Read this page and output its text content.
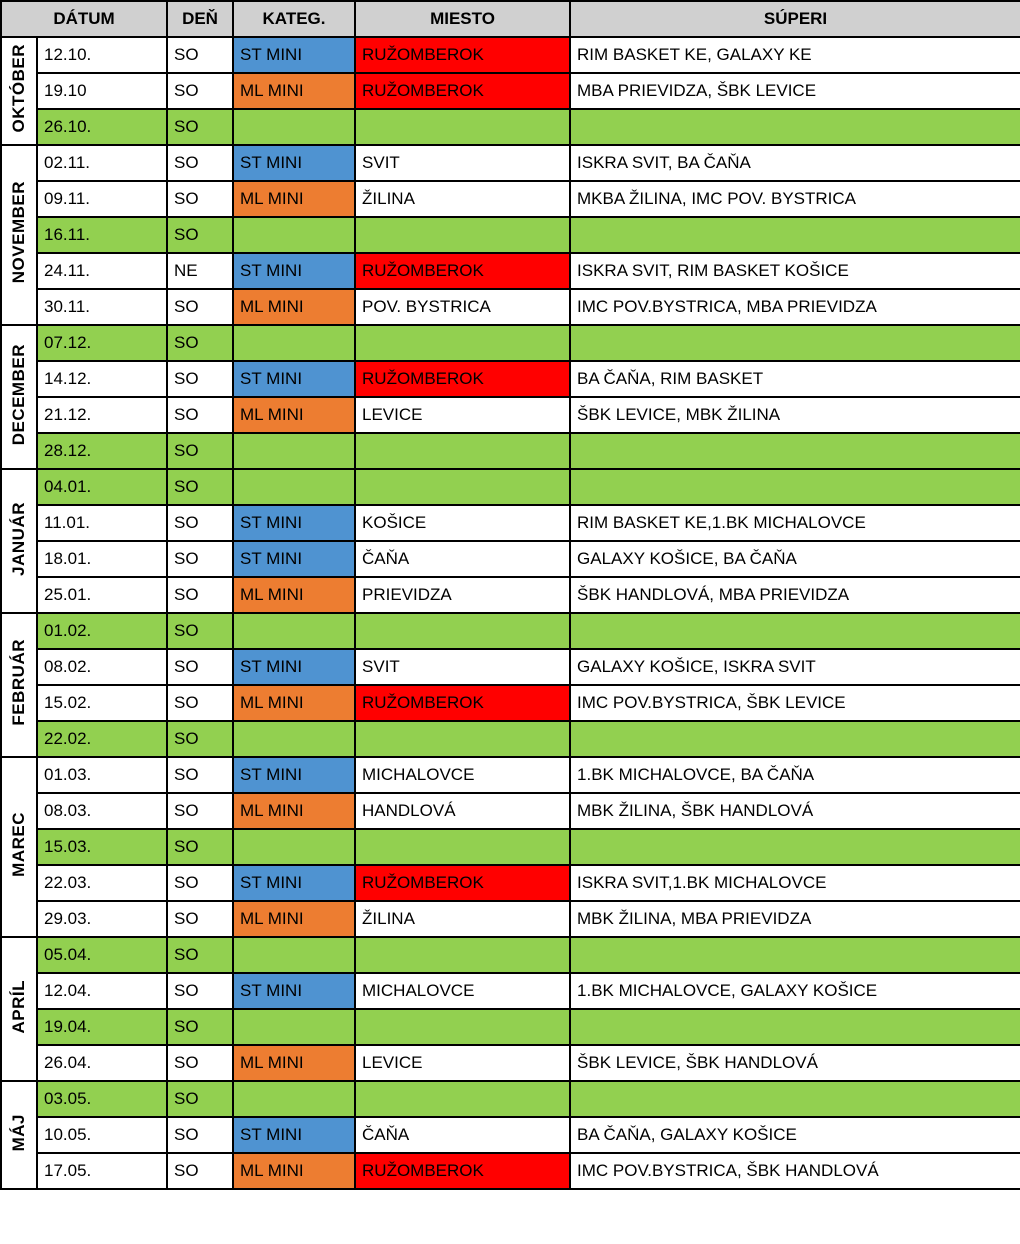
DÁTUM		DEŇ	KATEG.	MIESTO	SÚPERI
OKTÓBER	12.10.	SO	ST MINI	RUŽOMBEROK	RIM BASKET KE, GALAXY KE
	19.10	SO	ML MINI	RUŽOMBEROK	MBA PRIEVIDZA, ŠBK LEVICE
	26.10.	SO			
NOVEMBER	02.11.	SO	ST MINI	SVIT	ISKRA SVIT, BA ČAŇA
	09.11.	SO	ML MINI	ŽILINA	MKBA ŽILINA, IMC POV. BYSTRICA
	16.11.	SO			
	24.11.	NE	ST MINI	RUŽOMBEROK	ISKRA SVIT, RIM BASKET KOŠICE
	30.11.	SO	ML MINI	POV. BYSTRICA	IMC POV.BYSTRICA, MBA PRIEVIDZA
DECEMBER	07.12.	SO			
	14.12.	SO	ST MINI	RUŽOMBEROK	BA ČAŇA, RIM BASKET
	21.12.	SO	ML MINI	LEVICE	ŠBK LEVICE, MBK ŽILINA
	28.12.	SO			
JANUÁR	04.01.	SO			
	11.01.	SO	ST MINI	KOŠICE	RIM BASKET KE,1.BK MICHALOVCE
	18.01.	SO	ST MINI	ČAŇA	GALAXY KOŠICE, BA ČAŇA
	25.01.	SO	ML MINI	PRIEVIDZA	ŠBK HANDLOVÁ, MBA PRIEVIDZA
FEBRUÁR	01.02.	SO			
	08.02.	SO	ST MINI	SVIT	GALAXY KOŠICE, ISKRA SVIT
	15.02.	SO	ML MINI	RUŽOMBEROK	IMC POV.BYSTRICA, ŠBK LEVICE
	22.02.	SO			
MAREC	01.03.	SO	ST MINI	MICHALOVCE	1.BK MICHALOVCE, BA ČAŇA
	08.03.	SO	ML MINI	HANDLOVÁ	MBK ŽILINA, ŠBK HANDLOVÁ
	15.03.	SO			
	22.03.	SO	ST MINI	RUŽOMBEROK	ISKRA SVIT,1.BK MICHALOVCE
	29.03.	SO	ML MINI	ŽILINA	MBK ŽILINA, MBA PRIEVIDZA
APRÍL	05.04.	SO			
	12.04.	SO	ST MINI	MICHALOVCE	1.BK MICHALOVCE, GALAXY KOŠICE
	19.04.	SO			
	26.04.	SO	ML MINI	LEVICE	ŠBK LEVICE, ŠBK HANDLOVÁ
MÁJ	03.05.	SO			
	10.05.	SO	ST MINI	ČAŇA	BA ČAŇA, GALAXY KOŠICE
	17.05.	SO	ML MINI	RUŽOMBEROK	IMC POV.BYSTRICA, ŠBK HANDLOVÁ
